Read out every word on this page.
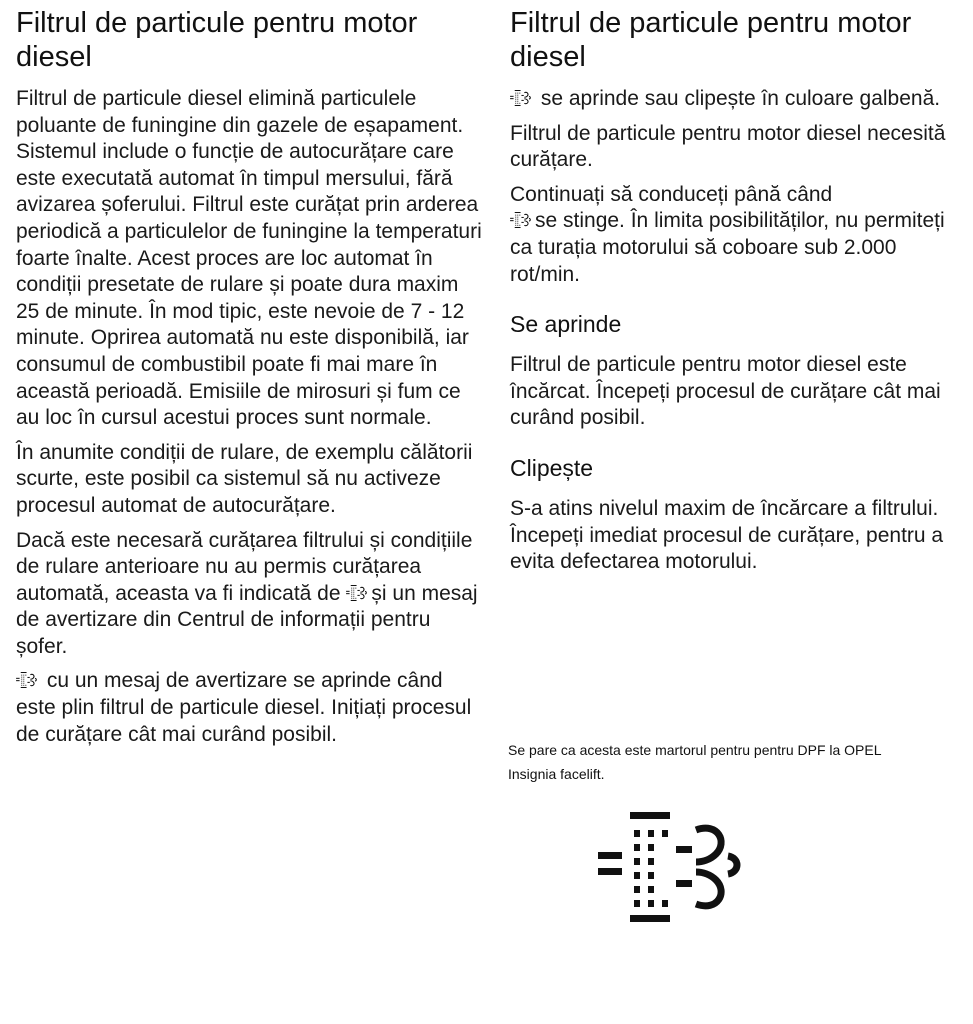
Filtrul de particule pentru motor diesel

Filtrul de particule diesel elimină particulele poluante de funingine din gazele de eșapament. Sistemul include o funcție de autocurățare care este executată automat în timpul mersului, fără avizarea șoferului. Filtrul este curățat prin arderea periodică a particulelor de funingine la temperaturi foarte înalte. Acest proces are loc automat în condiții presetate de rulare și poate dura maxim 25 de minute. În mod tipic, este nevoie de 7 - 12 minute. Oprirea automată nu este disponibilă, iar consumul de combustibil poate fi mai mare în această perioadă. Emisiile de mirosuri și fum ce au loc în cursul acestui proces sunt normale.

În anumite condiții de rulare, de exemplu călătorii scurte, este posibil ca sistemul să nu activeze procesul automat de autocurățare.

Dacă este necesară curățarea filtrului și condițiile de rulare anterioare nu au permis curățarea automată, aceasta va fi indicată de și un mesaj de avertizare din Centrul de informații pentru șofer.

cu un mesaj de avertizare se aprinde când este plin filtrul de particule diesel. Inițiați procesul de curățare cât mai curând posibil.

Filtrul de particule pentru motor diesel

se aprinde sau clipește în culoare galbenă.

Filtrul de particule pentru motor diesel necesită curățare.

Continuați să conduceți până când
se stinge. În limita posibilităților, nu permiteți ca turația motorului să coboare sub 2.000 rot/min.

Se aprinde

Filtrul de particule pentru motor diesel este încărcat. Începeți procesul de curățare cât mai curând posibil.

Clipește

S-a atins nivelul maxim de încărcare a filtrului. Începeți imediat procesul de curățare, pentru a evita defectarea motorului.

Se pare ca acesta este martorul pentru pentru DPF la OPEL Insignia facelift.
